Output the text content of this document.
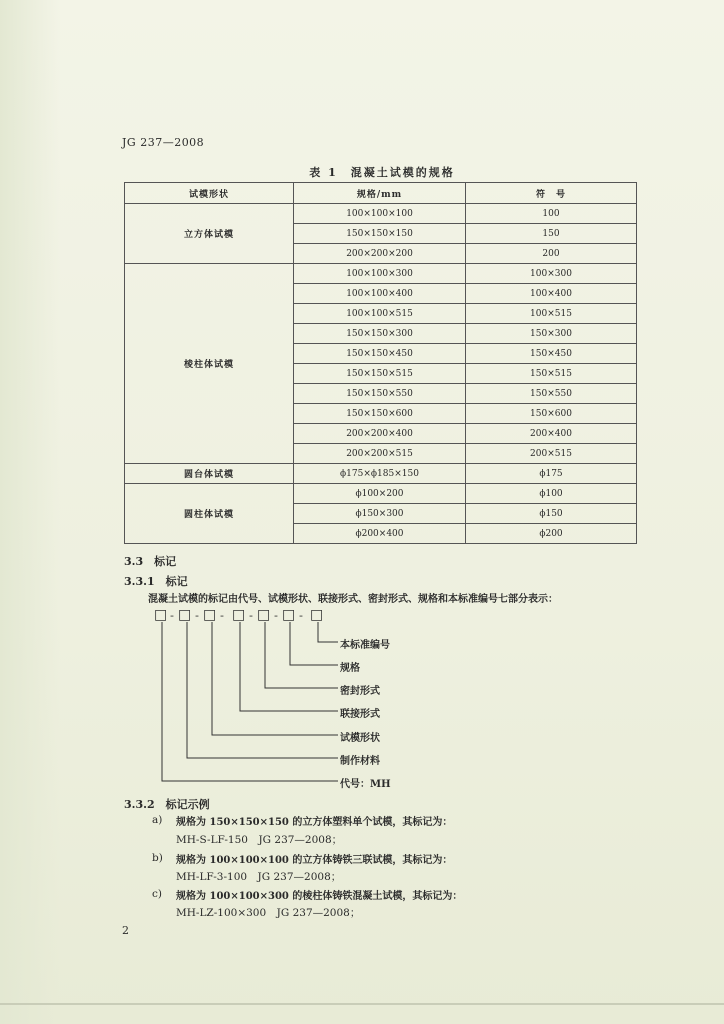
JG 237—2008
表 1　混凝土试模的规格
试模形状	规格/mm	符　号
立方体试模	100×100×100	100
	150×150×150	150
	200×200×200	200
棱柱体试模	100×100×300	100×300
	100×100×400	100×400
	100×100×515	100×515
	150×150×300	150×300
	150×150×450	150×450
	150×150×515	150×515
	150×150×550	150×550
	150×150×600	150×600
	200×200×400	200×400
	200×200×515	200×515
圆台体试模	ϕ175×ϕ185×150	ϕ175
圆柱体试模	ϕ100×200	ϕ100
	ϕ150×300	ϕ150
	ϕ200×400	ϕ200
3.3　标记
3.3.1　标记
混凝土试模的标记由代号、试模形状、联接形式、密封形式、规格和本标准编号七部分表示：
□ - □ - □ - □ - □ - □ - □
本标准编号
规格
密封形式
联接形式
试模形状
制作材料
代号：MH
3.3.2　标记示例
a) 规格为 150×150×150 的立方体塑料单个试模，其标记为：
MH-S-LF-150　JG 237—2008；
b) 规格为 100×100×100 的立方体铸铁三联试模，其标记为：
MH-LF-3-100　JG 237—2008；
c) 规格为 100×100×300 的棱柱体铸铁混凝土试模，其标记为：
MH-LZ-100×300　JG 237—2008；
2
